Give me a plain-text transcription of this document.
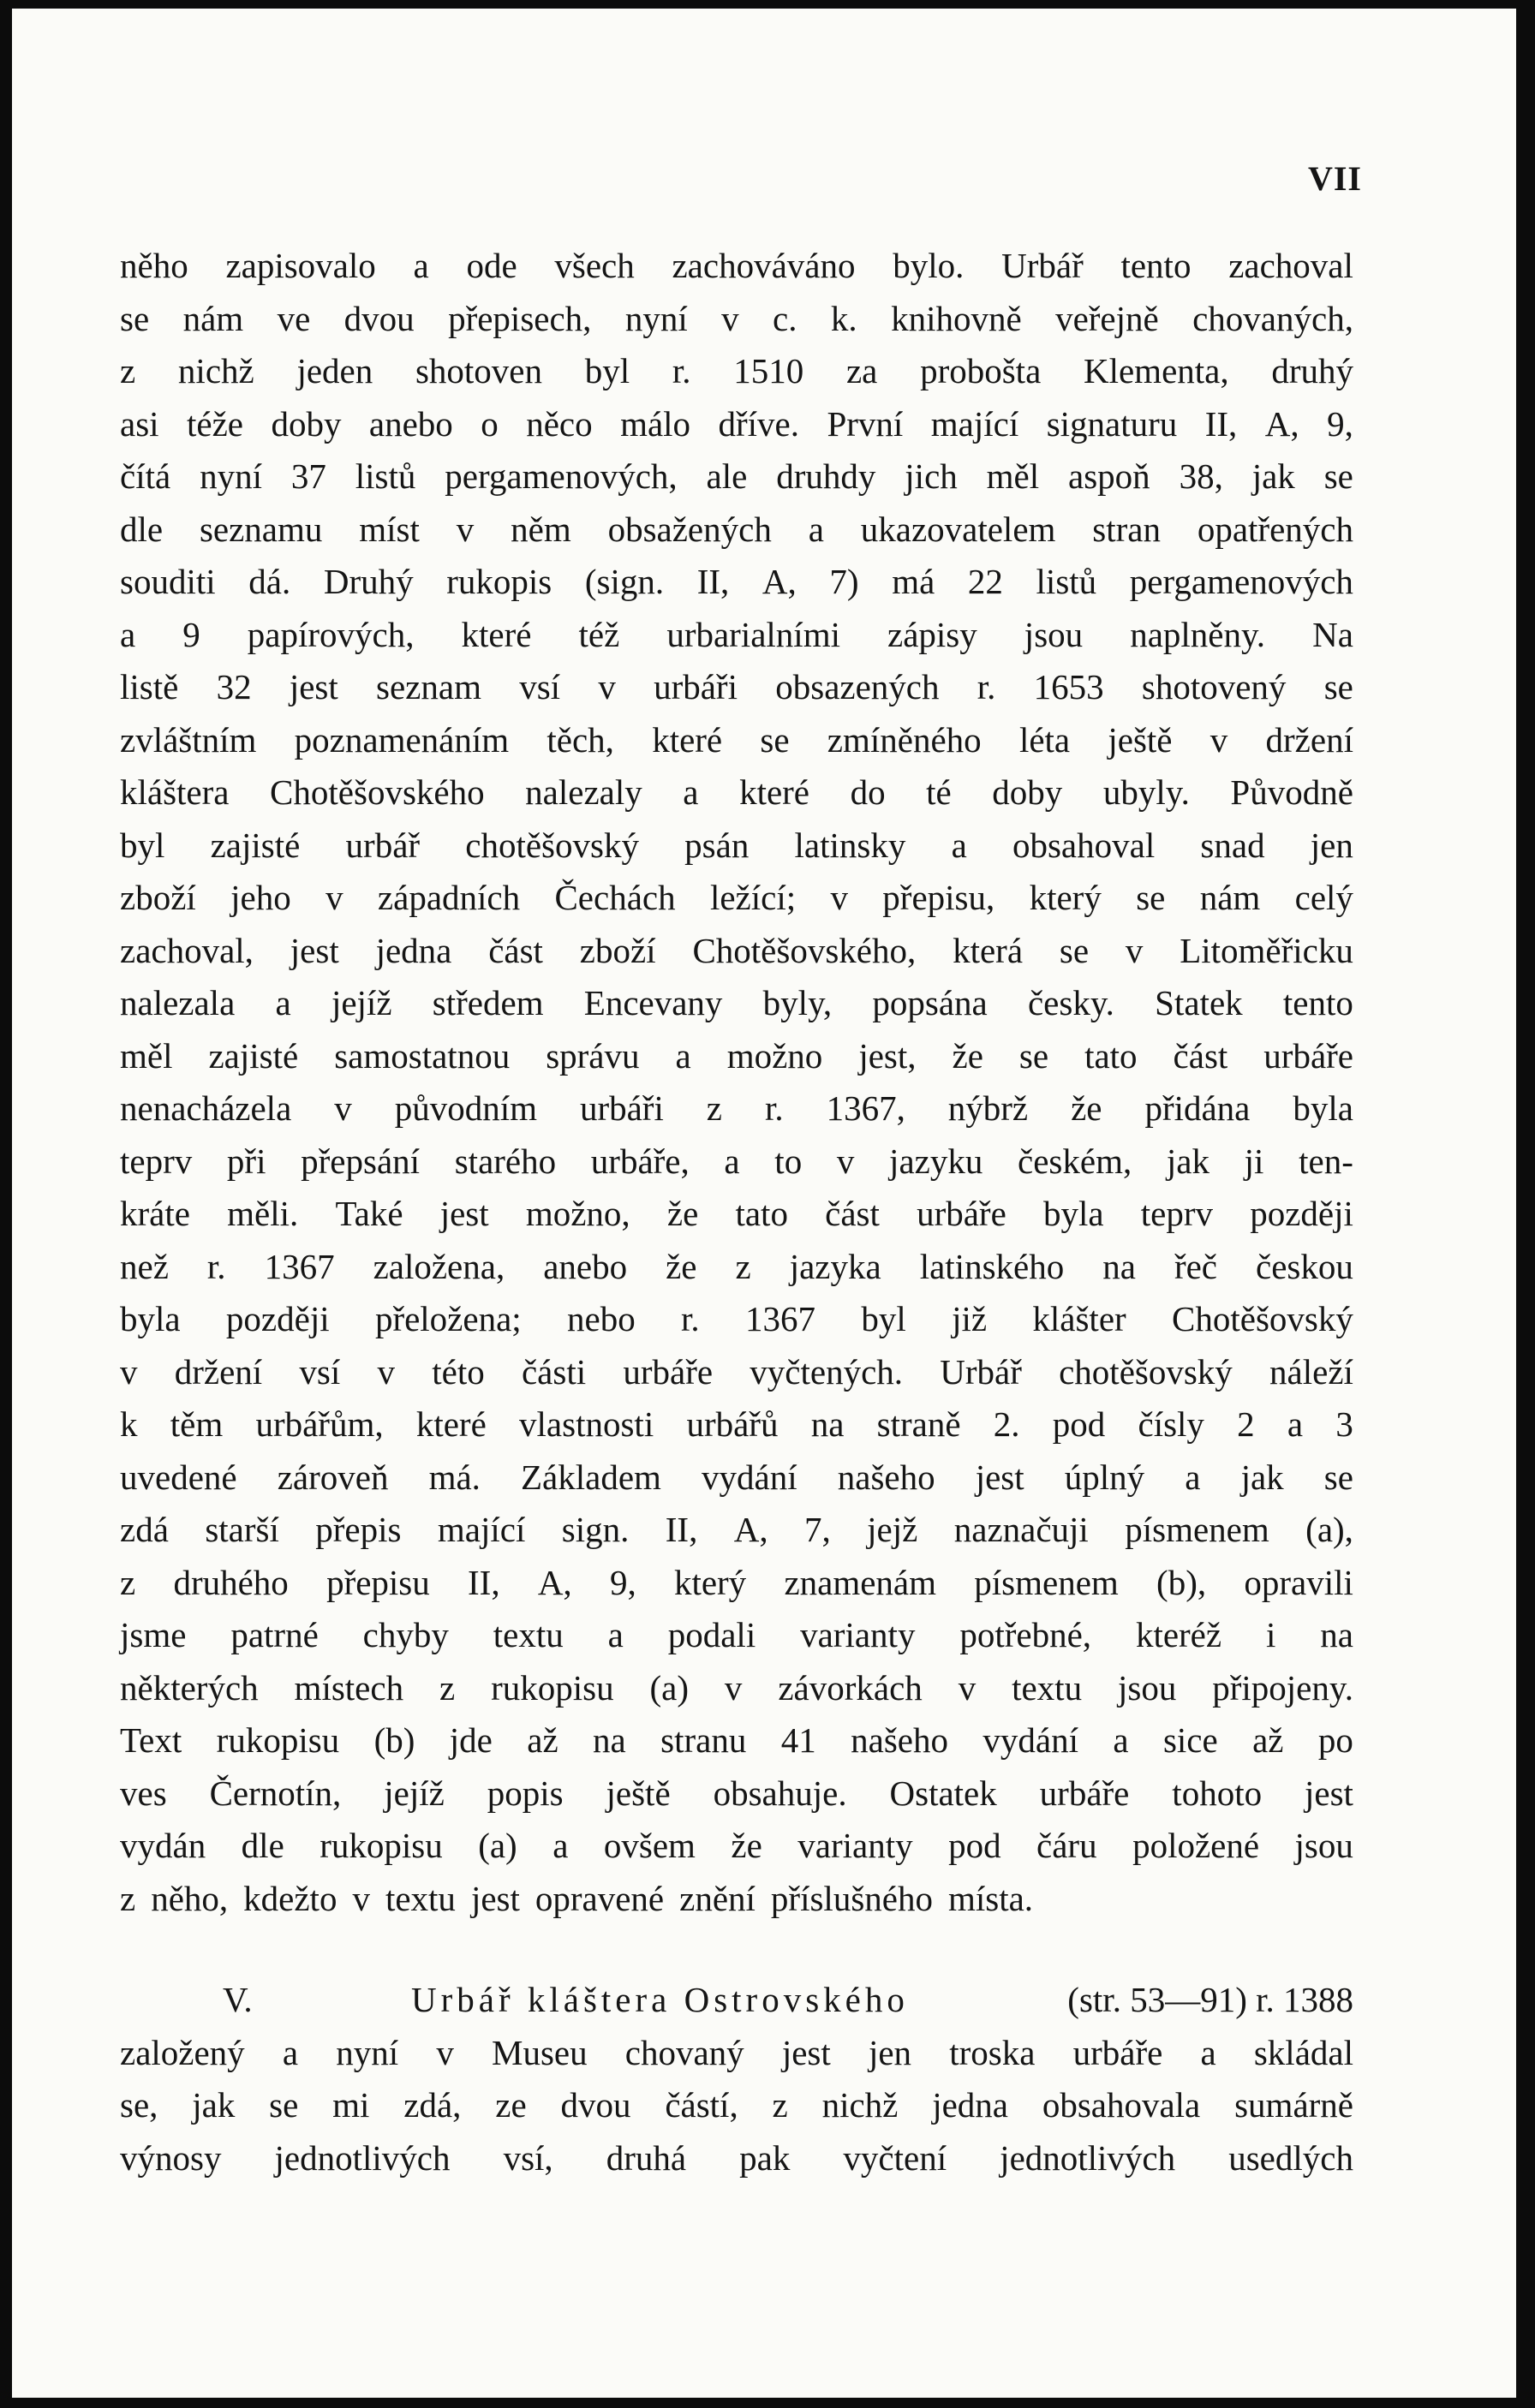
VII
něho zapisovalo a ode všech zachováváno bylo. Urbář tento zachoval
se nám ve dvou přepisech, nyní v c. k. knihovně veřejně chovaných,
z nichž jeden shotoven byl r. 1510 za probošta Klementa, druhý
asi téže doby anebo o něco málo dříve. První mající signaturu II, A, 9,
čítá nyní 37 listů pergamenových, ale druhdy jich měl aspoň 38, jak se
dle seznamu míst v něm obsažených a ukazovatelem stran opatřených
souditi dá. Druhý rukopis (sign. II, A, 7) má 22 listů pergamenových
a 9 papírových, které též urbarialními zápisy jsou naplněny. Na
listě 32 jest seznam vsí v urbáři obsazených r. 1653 shotovený se
zvláštním poznamenáním těch, které se zmíněného léta ještě v držení
kláštera Chotěšovského nalezaly a které do té doby ubyly. Původně
byl zajisté urbář chotěšovský psán latinsky a obsahoval snad jen
zboží jeho v západních Čechách ležící; v přepisu, který se nám celý
zachoval, jest jedna část zboží Chotěšovského, která se v Litoměřicku
nalezala a jejíž středem Encevany byly, popsána česky. Statek tento
měl zajisté samostatnou správu a možno jest, že se tato část urbáře
nenacházela v původním urbáři z r. 1367, nýbrž že přidána byla
teprv při přepsání starého urbáře, a to v jazyku českém, jak ji ten-
kráte měli. Také jest možno, že tato část urbáře byla teprv později
než r. 1367 založena, anebo že z jazyka latinského na řeč českou
byla později přeložena; nebo r. 1367 byl již klášter Chotěšovský
v držení vsí v této části urbáře vyčtených. Urbář chotěšovský náleží
k těm urbářům, které vlastnosti urbářů na straně 2. pod čísly 2 a 3
uvedené zároveň má. Základem vydání našeho jest úplný a jak se
zdá starší přepis mající sign. II, A, 7, jejž naznačuji písmenem (a),
z druhého přepisu II, A, 9, který znamenám písmenem (b), opravili
jsme patrné chyby textu a podali varianty potřebné, kteréž i na
některých místech z rukopisu (a) v závorkách v textu jsou připojeny.
Text rukopisu (b) jde až na stranu 41 našeho vydání a sice až po
ves Černotín, jejíž popis ještě obsahuje. Ostatek urbáře tohoto jest
vydán dle rukopisu (a) a ovšem že varianty pod čáru položené jsou
z něho, kdežto v textu jest opravené znění příslušného místa.
V.	Urbář kláštera Ostrovského	(str. 53—91) r. 1388
založený a nyní v Museu chovaný jest jen troska urbáře a skládal
se, jak se mi zdá, ze dvou částí, z nichž jedna obsahovala sumárně
výnosy jednotlivých vsí, druhá pak vyčtení jednotlivých usedlých
